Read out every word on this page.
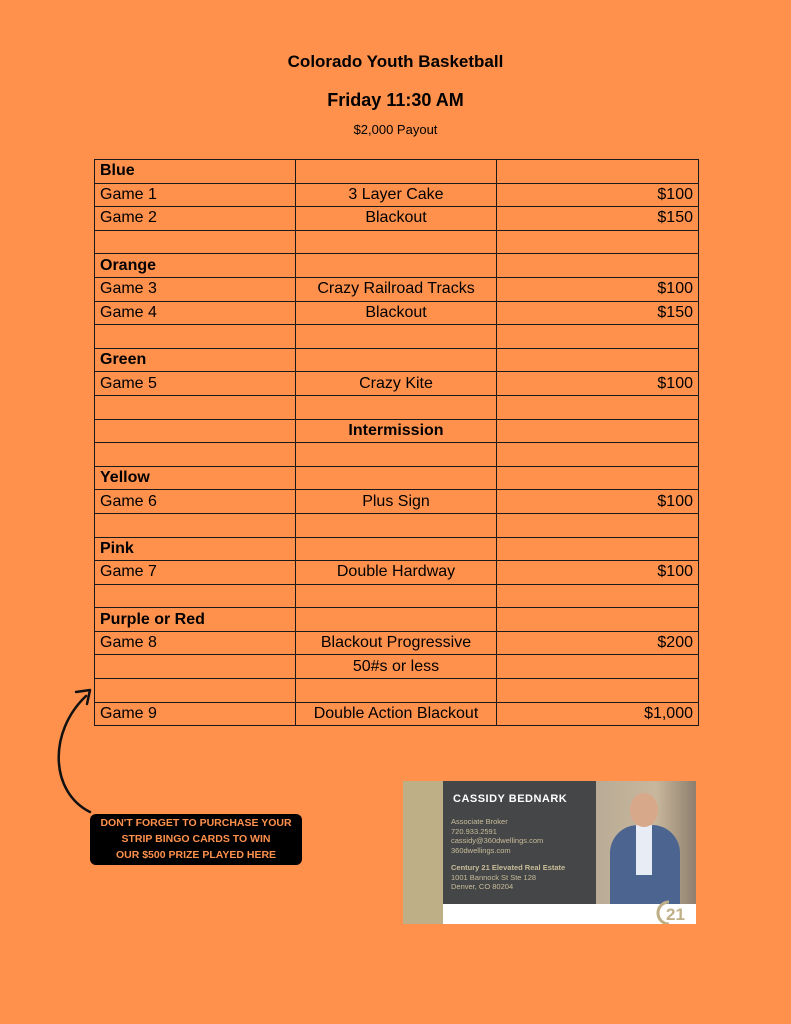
Colorado Youth Basketball
Friday 11:30 AM
$2,000 Payout
Blue		
Game 1	3 Layer Cake	$100
Game 2	Blackout	$150

Orange		
Game 3	Crazy Railroad Tracks	$100
Game 4	Blackout	$150

Green		
Game 5	Crazy Kite	$100

	Intermission	

Yellow		
Game 6	Plus Sign	$100

Pink		
Game 7	Double Hardway	$100

Purple or Red		
Game 8	Blackout Progressive	$200
	50#s or less	

Game 9	Double Action Blackout	$1,000
DON'T FORGET TO PURCHASE YOUR
STRIP BINGO CARDS TO WIN
OUR $500 PRIZE PLAYED HERE
CASSIDY BEDNARK
Associate Broker
720.933.2591
cassidy@360dwellings.com
360dwellings.com
Century 21 Elevated Real Estate
1001 Bannock St Ste 128
Denver, CO 80204
21
